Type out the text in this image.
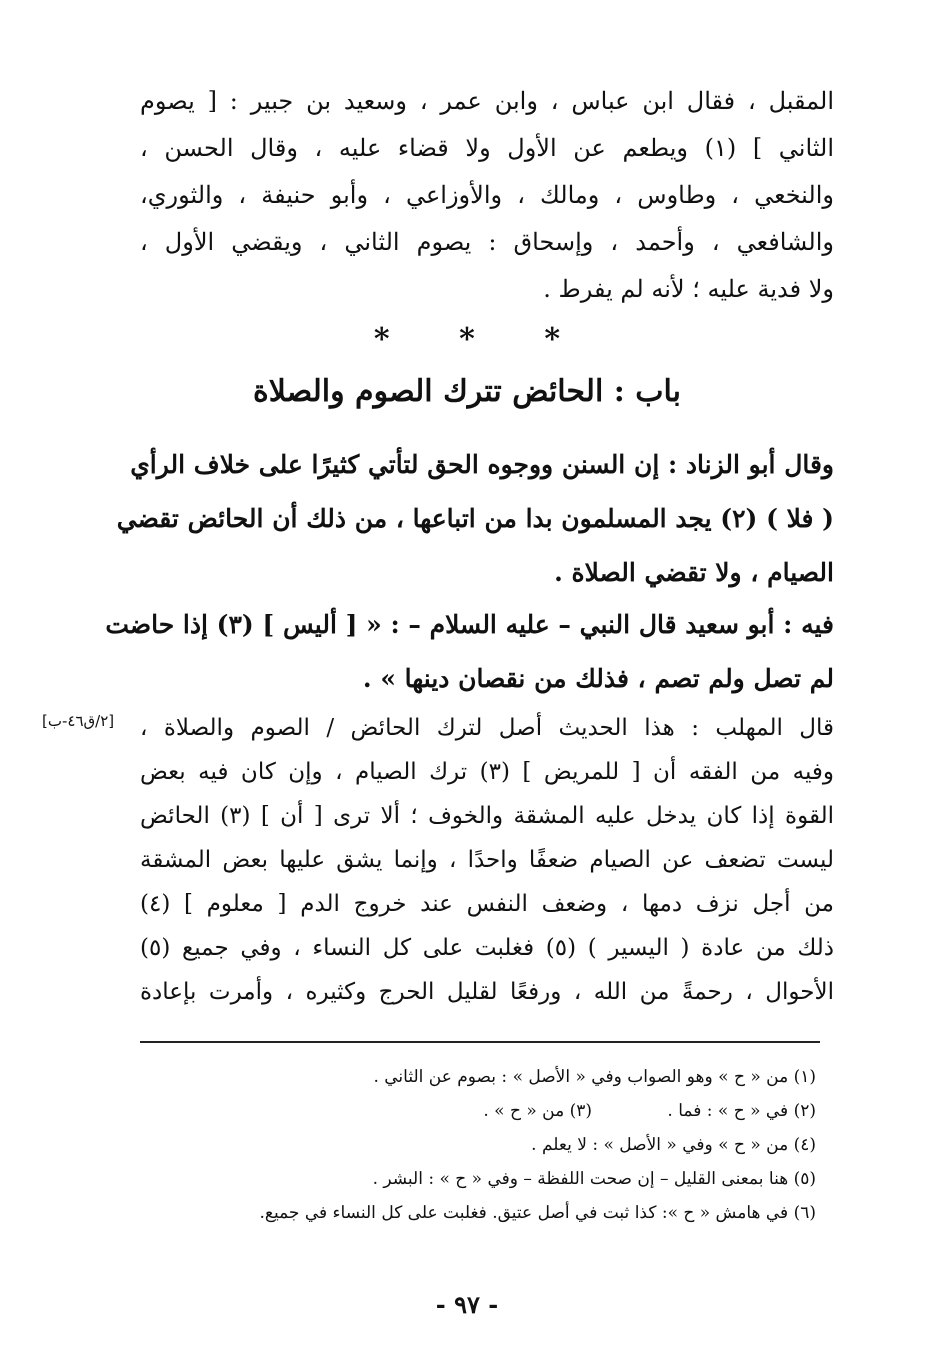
المقبل ، فقال ابن عباس ، وابن عمر ، وسعيد بن جبير : [ يصوم
الثاني ] (١) ويطعم عن الأول ولا قضاء عليه ، وقال الحسن ،
والنخعي ، وطاوس ، ومالك ، والأوزاعي ، وأبو حنيفة ، والثوري،
والشافعي ، وأحمد ، وإسحاق : يصوم الثاني ، ويقضي الأول ،
ولا فدية عليه ؛ لأنه لم يفرط .
* * *
باب : الحائض تترك الصوم والصلاة
وقال أبو الزناد : إن السنن ووجوه الحق لتأتي كثيرًا على خلاف الرأي
( فلا ) (٢) يجد المسلمون بدا من اتباعها ، من ذلك أن الحائض تقضي
الصيام ، ولا تقضي الصلاة .
فيه : أبو سعيد قال النبي – عليه السلام – : « [ أليس ] (٣) إذا حاضت
لم تصل ولم تصم ، فذلك من نقصان دينها » .
[٢/ق٤٦-ب] قال المهلب : هذا الحديث أصل لترك الحائض / الصوم والصلاة ،
وفيه من الفقه أن [ للمريض ] (٣) ترك الصيام ، وإن كان فيه بعض
القوة إذا كان يدخل عليه المشقة والخوف ؛ ألا ترى [ أن ] (٣) الحائض
ليست تضعف عن الصيام ضعفًا واحدًا ، وإنما يشق عليها بعض المشقة
من أجل نزف دمها ، وضعف النفس عند خروج الدم [ معلوم ] (٤)
ذلك من عادة ( اليسير ) (٥) فغلبت على كل النساء ، وفي جميع (٥)
الأحوال ، رحمةً من الله ، ورفعًا لقليل الحرج وكثيره ، وأمرت بإعادة
(١) من « ح » وهو الصواب وفي « الأصل » : بصوم عن الثاني .
(٢) في « ح » : فما . (٣) من « ح » .
(٤) من « ح » وفي « الأصل » : لا يعلم .
(٥) هنا بمعنى القليل – إن صحت اللفظة – وفي « ح » : البشر .
(٦) في هامش « ح »: كذا ثبت في أصل عتيق. فغلبت على كل النساء في جميع.
- ٩٧ -
